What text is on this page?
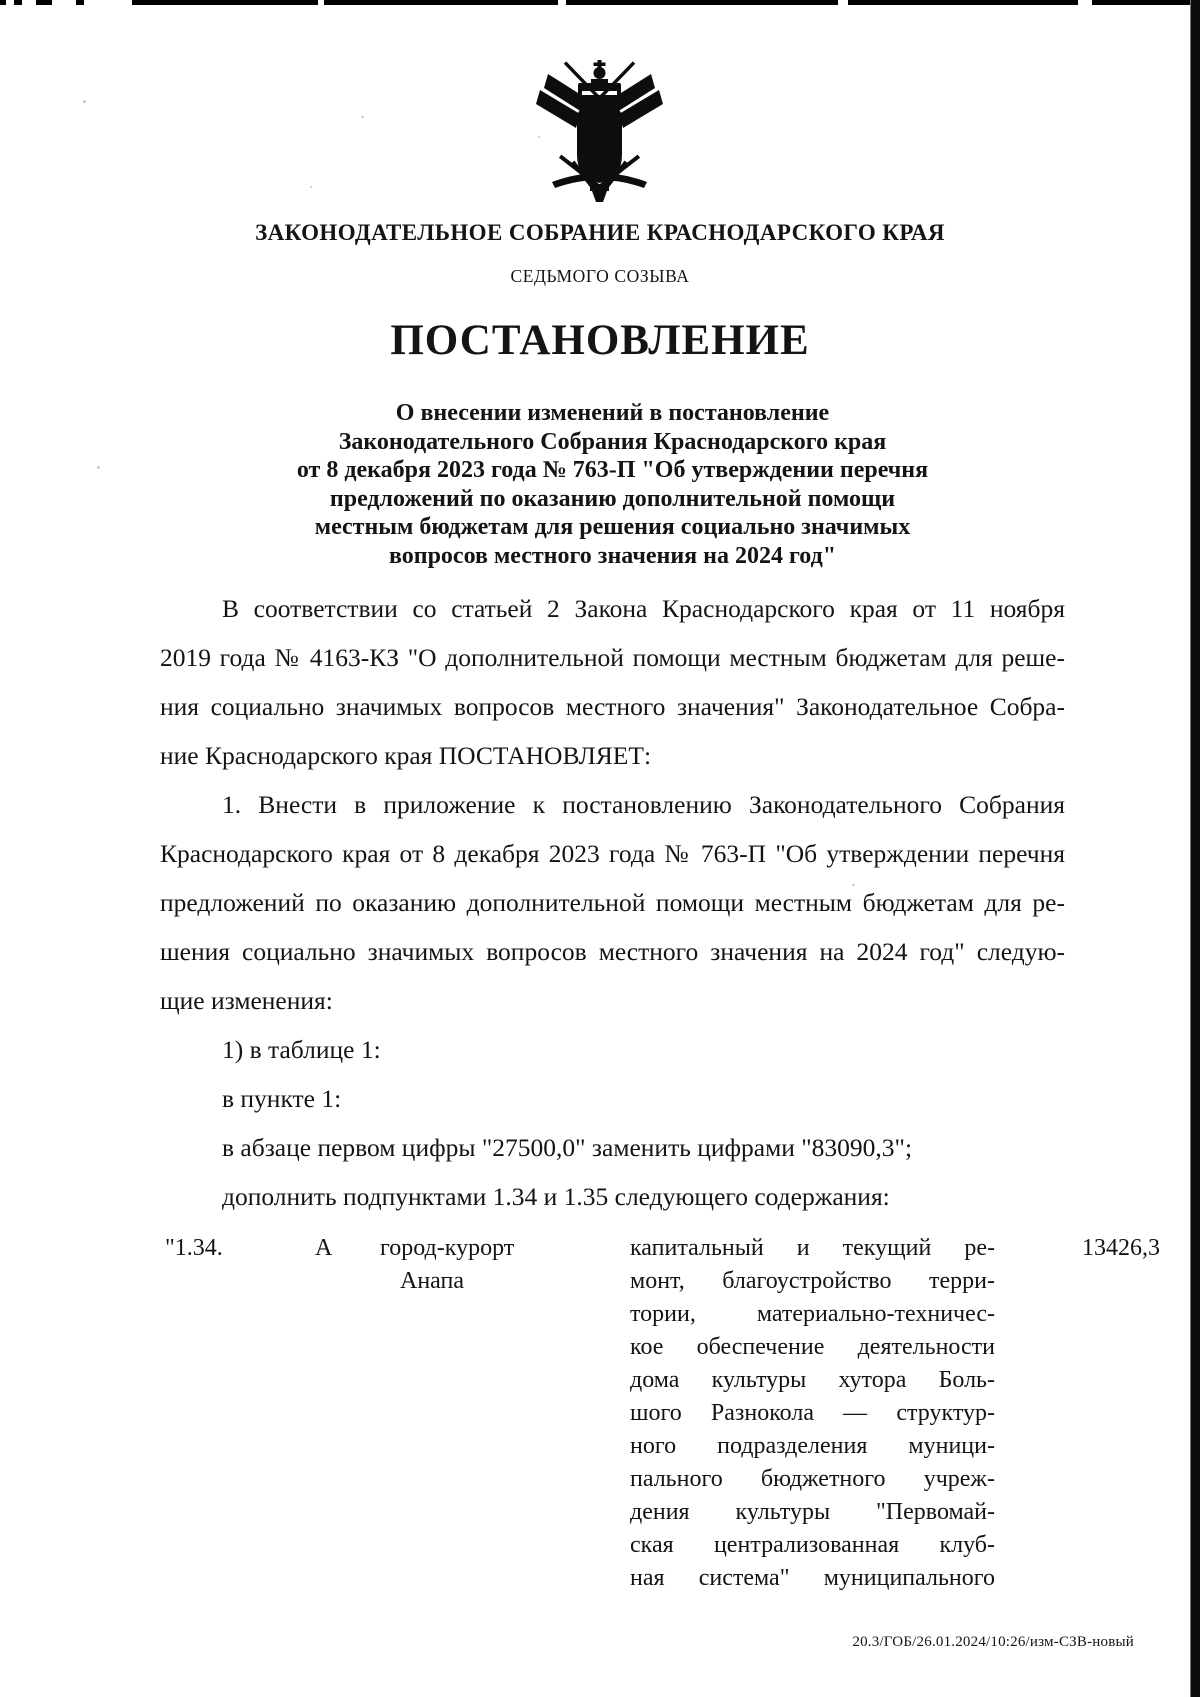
ЗАКОНОДАТЕЛЬНОЕ СОБРАНИЕ КРАСНОДАРСКОГО КРАЯ
СЕДЬМОГО СОЗЫВА
ПОСТАНОВЛЕНИЕ
О внесении изменений в постановление
Законодательного Собрания Краснодарского края
от 8 декабря 2023 года № 763-П "Об утверждении перечня
предложений по оказанию дополнительной помощи
местным бюджетам для решения социально значимых
вопросов местного значения на 2024 год"
В соответствии со статьей 2 Закона Краснодарского края от 11 ноября
2019 года № 4163-КЗ "О дополнительной помощи местным бюджетам для реше-
ния социально значимых вопросов местного значения" Законодательное Собра-
ние Краснодарского края ПОСТАНОВЛЯЕТ:
1. Внести в приложение к постановлению Законодательного Собрания
Краснодарского края от 8 декабря 2023 года № 763-П "Об утверждении перечня
предложений по оказанию дополнительной помощи местным бюджетам для ре-
шения социально значимых вопросов местного значения на 2024 год" следую-
щие изменения:
1) в таблице 1:
в пункте 1:
в абзаце первом цифры "27500,0" заменить цифрами "83090,3";
дополнить подпунктами 1.34 и 1.35 следующего содержания:
"1.34.	А	город-курорт
Анапа
капитальный и текущий ре-
монт, благоустройство терри-
тории, материально-техничес-
кое обеспечение деятельности
дома культуры хутора Боль-
шого Разнокола — структур-
ного подразделения муници-
пального бюджетного учреж-
дения культуры "Первомай-
ская централизованная клуб-
ная система" муниципального
13426,3
20.3/ГОБ/26.01.2024/10:26/изм-СЗВ-новый
